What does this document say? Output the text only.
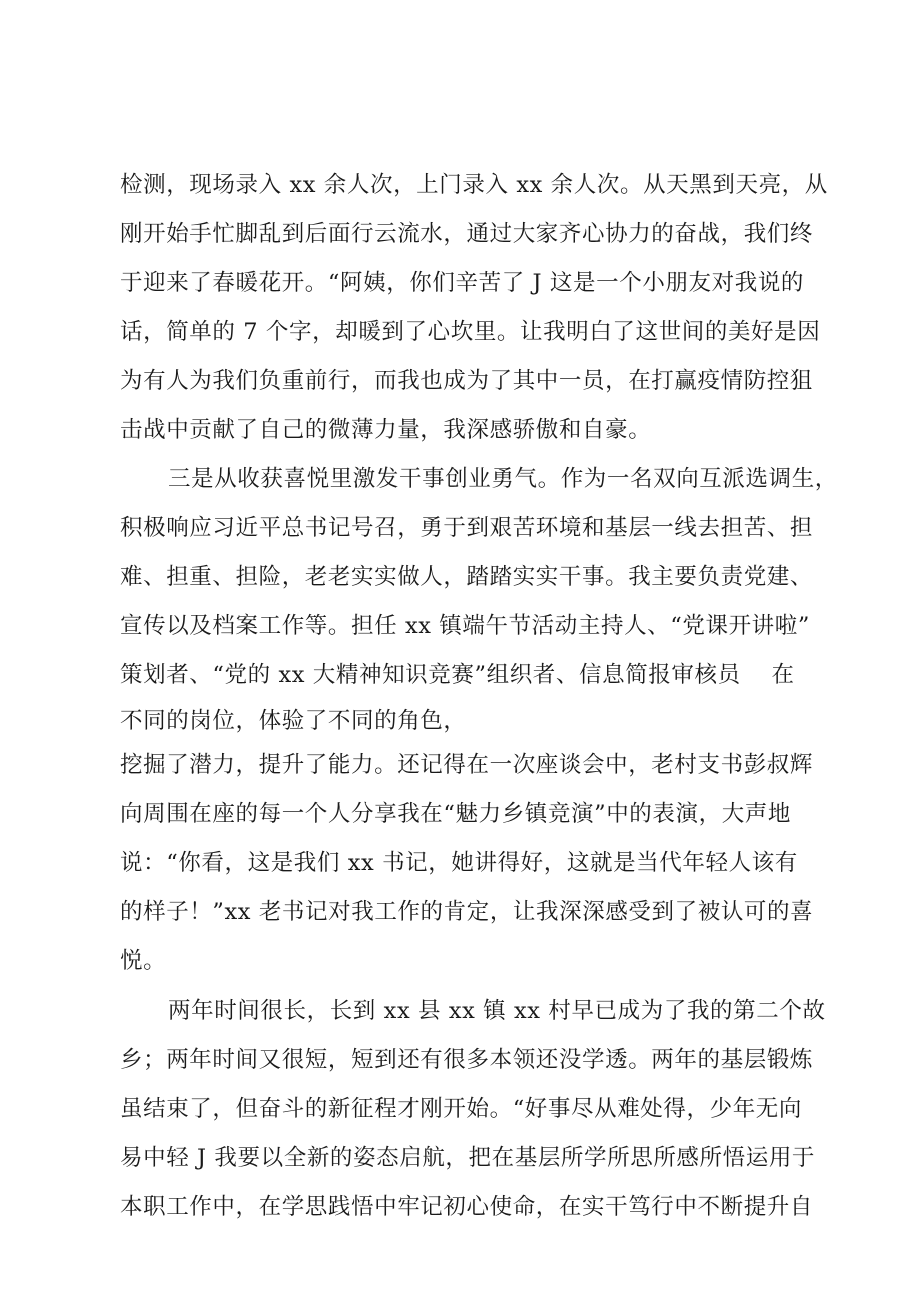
检测，现场录入 xx 余人次，上门录入 xx 余人次。从天黑到天亮，从
刚开始手忙脚乱到后面行云流水，通过大家齐心协力的奋战，我们终
于迎来了春暖花开。“阿姨，你们辛苦了 J 这是一个小朋友对我说的
话，简单的 7 个字，却暖到了心坎里。让我明白了这世间的美好是因
为有人为我们负重前行，而我也成为了其中一员，在打赢疫情防控狙
击战中贡献了自己的微薄力量，我深感骄傲和自豪。
三是从收获喜悦里激发干事创业勇气。作为一名双向互派选调生，
积极响应习近平总书记号召，勇于到艰苦环境和基层一线去担苦、担
难、担重、担险，老老实实做人，踏踏实实干事。我主要负责党建、
宣传以及档案工作等。担任 xx 镇端午节活动主持人、“党课开讲啦”
策划者、“党的 xx 大精神知识竞赛”组织者、信息简报审核员　 在
不同的岗位，体验了不同的角色，
挖掘了潜力，提升了能力。还记得在一次座谈会中，老村支书彭叔辉
向周围在座的每一个人分享我在“魅力乡镇竞演”中的表演，大声地
说：“你看，这是我们 xx 书记，她讲得好，这就是当代年轻人该有
的样子！”xx 老书记对我工作的肯定，让我深深感受到了被认可的喜
悦。
两年时间很长，长到 xx 县 xx 镇 xx 村早已成为了我的第二个故
乡；两年时间又很短，短到还有很多本领还没学透。两年的基层锻炼
虽结束了，但奋斗的新征程才刚开始。“好事尽从难处得，少年无向
易中轻 J 我要以全新的姿态启航，把在基层所学所思所感所悟运用于
本职工作中，在学思践悟中牢记初心使命，在实干笃行中不断提升自
